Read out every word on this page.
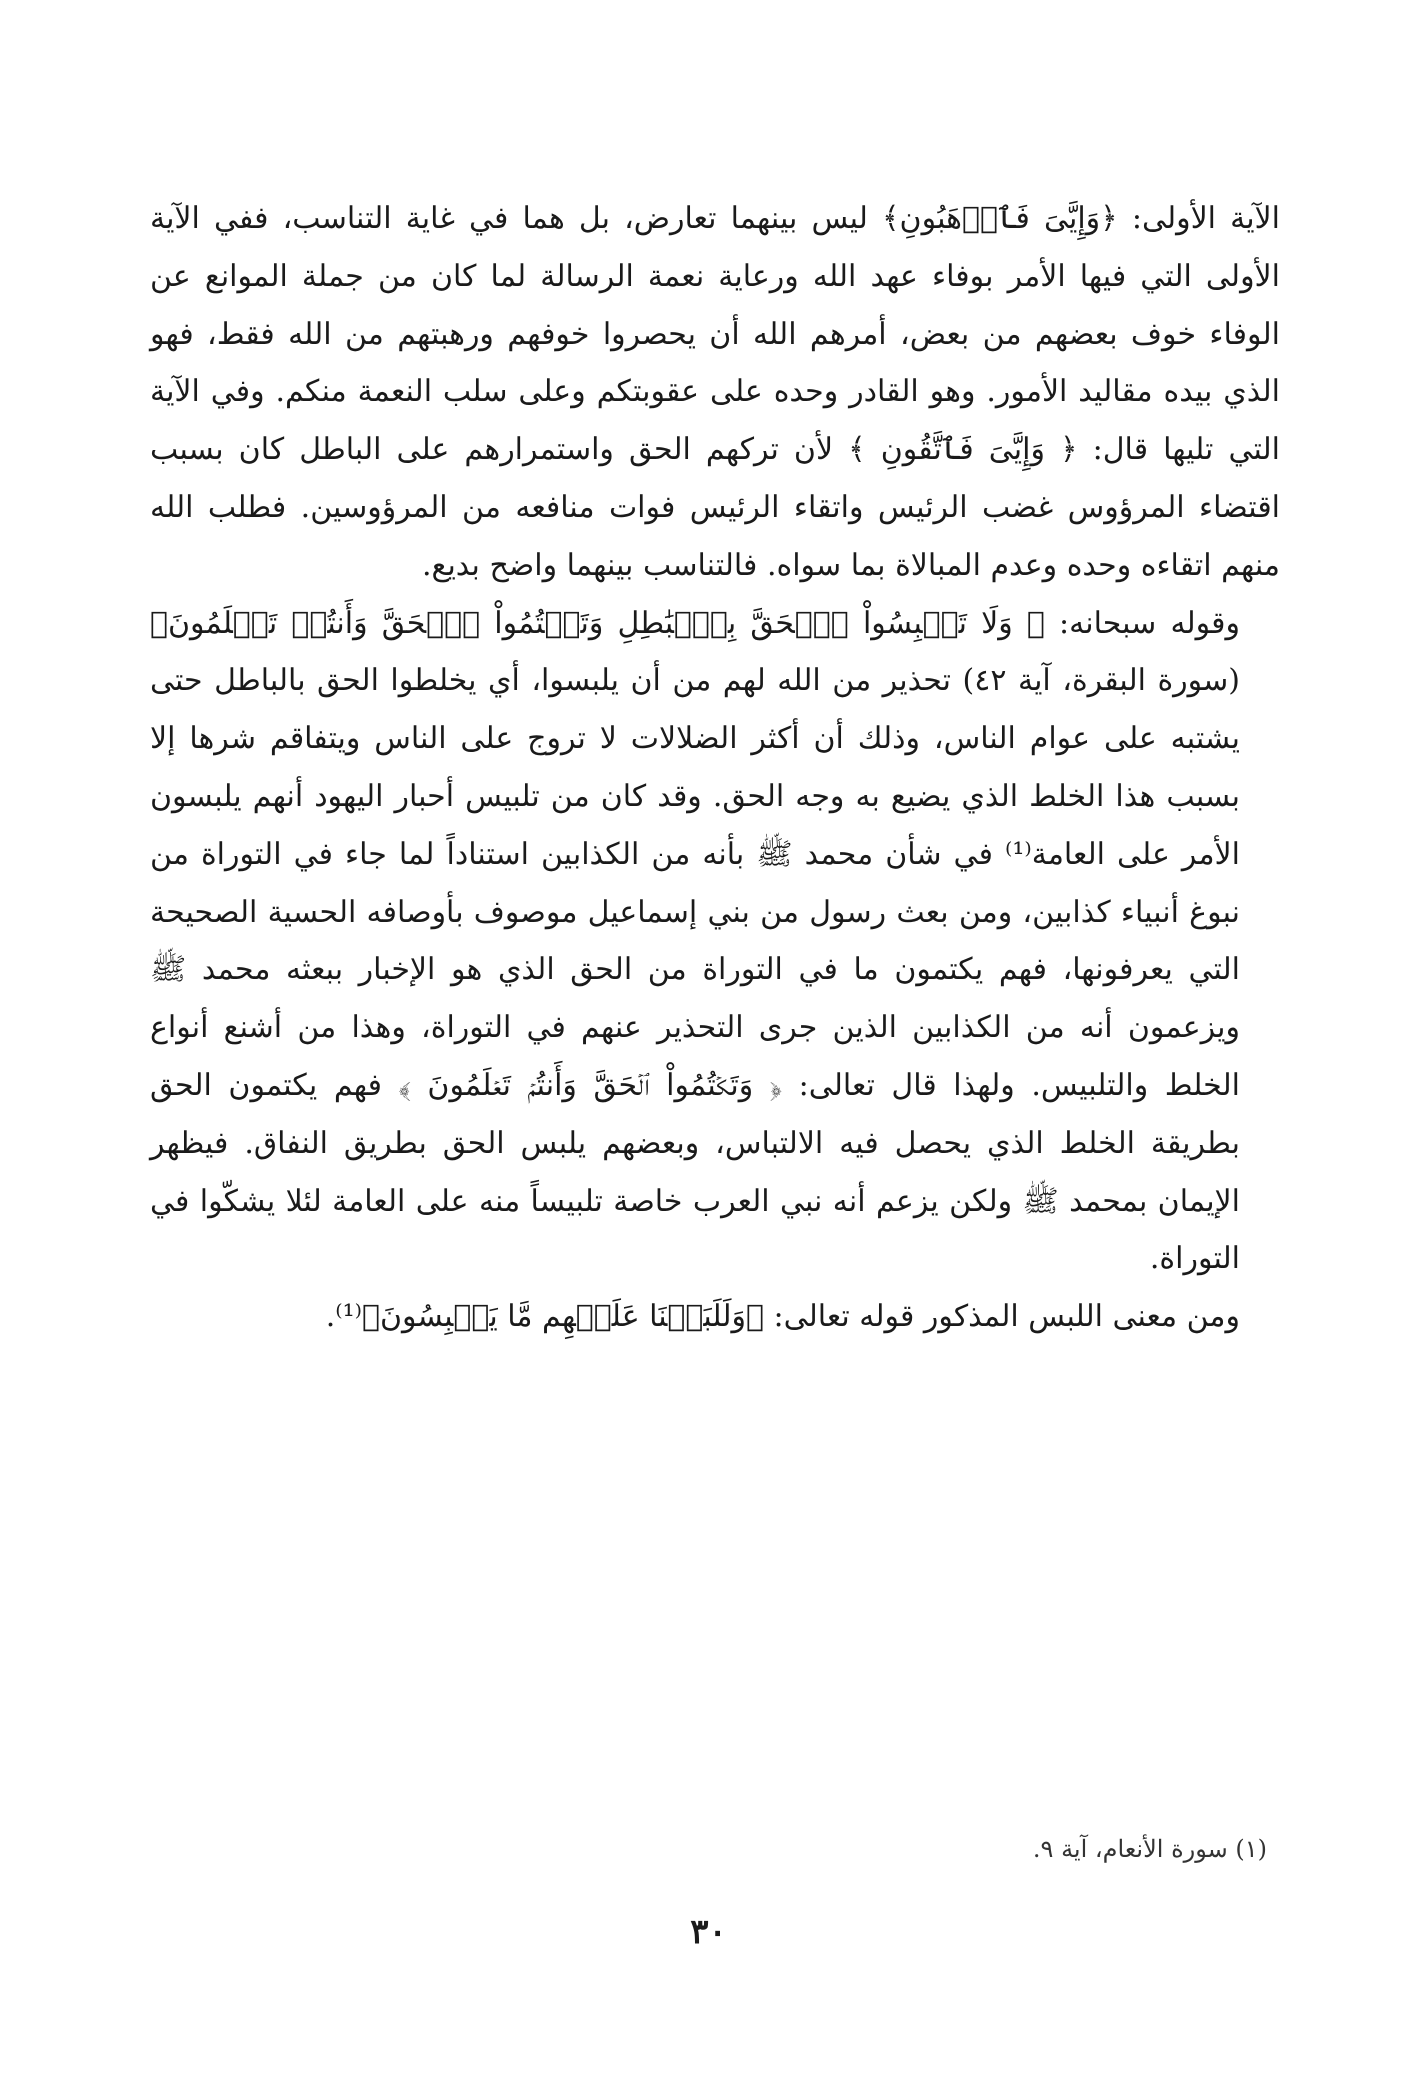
الآية الأولى: ﴿وَإِيَّىَ فَٱرۡهَبُونِ﴾ ليس بينهما تعارض، بل هما في غاية التناسب، ففي الآية الأولى التي فيها الأمر بوفاء عهد الله ورعاية نعمة الرسالة لما كان من جملة الموانع عن الوفاء خوف بعضهم من بعض، أمرهم الله أن يحصروا خوفهم ورهبتهم من الله فقط، فهو الذي بيده مقاليد الأمور. وهو القادر وحده على عقوبتكم وعلى سلب النعمة منكم. وفي الآية التي تليها قال: ﴿ وَإِيَّىَ فَٱتَّقُونِ ﴾ لأن تركهم الحق واستمرارهم على الباطل كان بسبب اقتضاء المرؤوس غضب الرئيس واتقاء الرئيس فوات منافعه من المرؤوسين. فطلب الله منهم اتقاءه وحده وعدم المبالاة بما سواه. فالتناسب بينهما واضح بديع.

وقوله سبحانه: ﴿ وَلَا تَلۡبِسُواْ ٱلۡحَقَّ بِٱلۡبَٰطِلِ وَتَكۡتُمُواْ ٱلۡحَقَّ وَأَنتُمۡ تَعۡلَمُونَ﴾ (سورة البقرة، آية ٤٢) تحذير من الله لهم من أن يلبسوا، أي يخلطوا الحق بالباطل حتى يشتبه على عوام الناس، وذلك أن أكثر الضلالات لا تروج على الناس ويتفاقم شرها إلا بسبب هذا الخلط الذي يضيع به وجه الحق. وقد كان من تلبيس أحبار اليهود أنهم يلبسون الأمر على العامة⁽¹⁾ في شأن محمد ﷺ بأنه من الكذابين استناداً لما جاء في التوراة من نبوغ أنبياء كذابين، ومن بعث رسول من بني إسماعيل موصوف بأوصافه الحسية الصحيحة التي يعرفونها، فهم يكتمون ما في التوراة من الحق الذي هو الإخبار ببعثه محمد ﷺ ويزعمون أنه من الكذابين الذين جرى التحذير عنهم في التوراة، وهذا من أشنع أنواع الخلط والتلبيس. ولهذا قال تعالى: ﴿ وَتَكۡتُمُواْ ٱلۡحَقَّ وَأَنتُمۡ تَعۡلَمُونَ ﴾ فهم يكتمون الحق بطريقة الخلط الذي يحصل فيه الالتباس، وبعضهم يلبس الحق بطريق النفاق. فيظهر الإيمان بمحمد ﷺ ولكن يزعم أنه نبي العرب خاصة تلبيساً منه على العامة لئلا يشكّوا في التوراة.

ومن معنى اللبس المذكور قوله تعالى: ﴿وَلَلَبَسۡنَا عَلَيۡهِم مَّا يَلۡبِسُونَ﴾⁽¹⁾.

(١) سورة الأنعام، آية ٩.
٣٠
